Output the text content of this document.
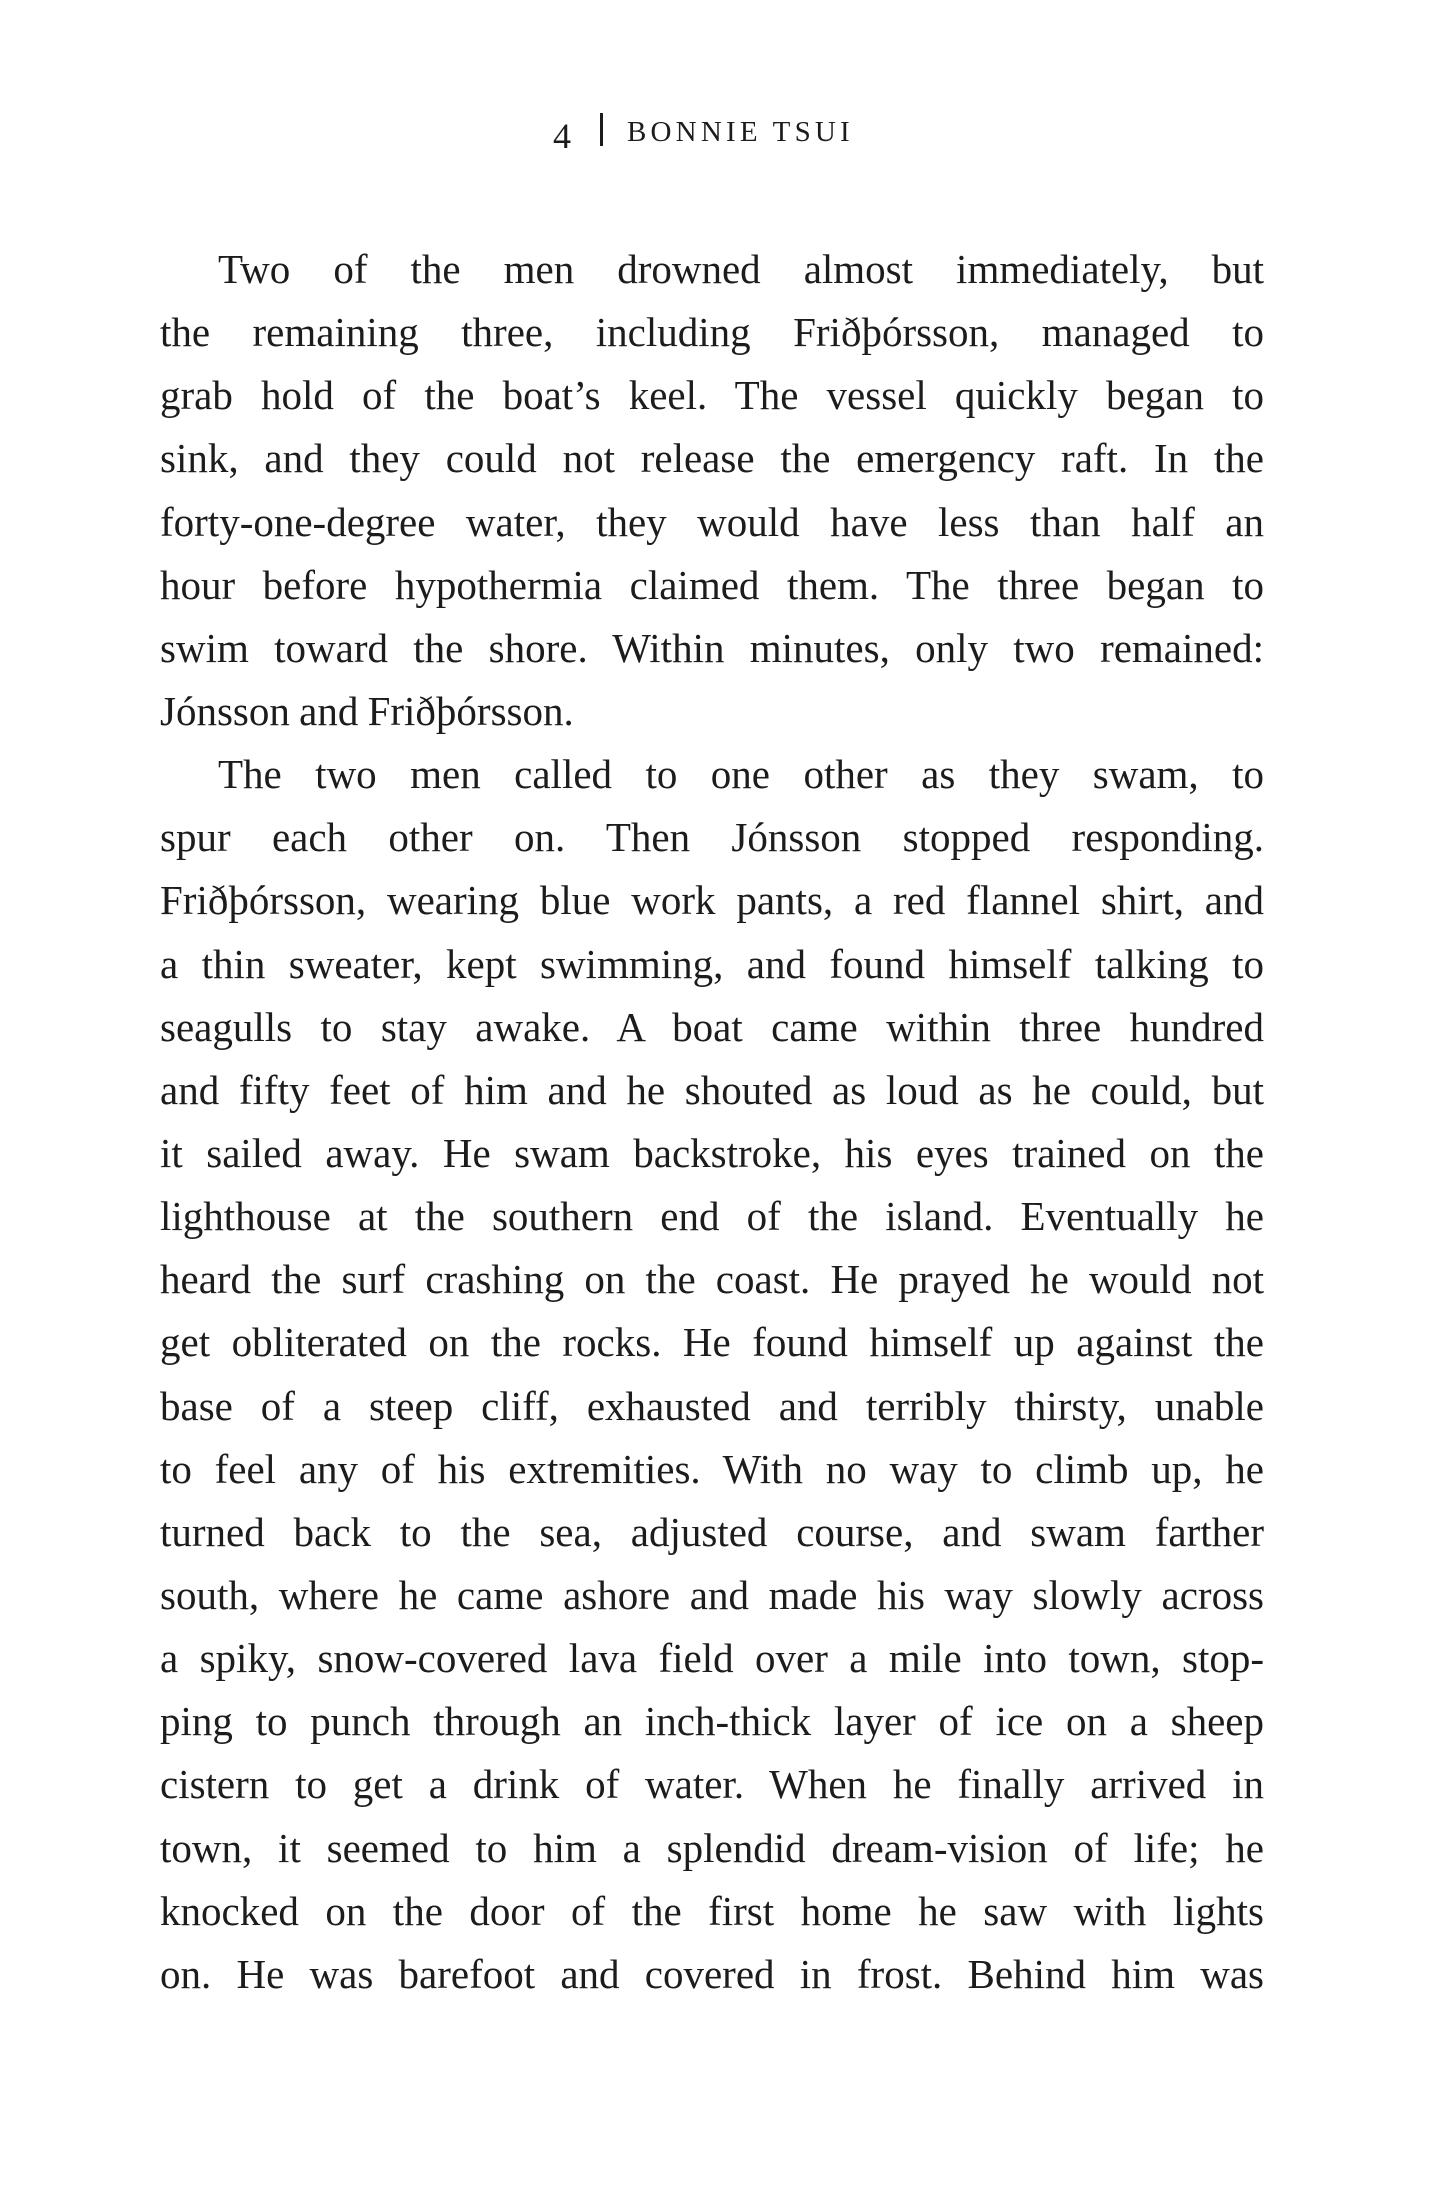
4 BONNIE TSUI
Two of the men drowned almost immediately, but
the remaining three, including Friðþórsson, managed to
grab hold of the boat’s keel. The vessel quickly began to
sink, and they could not release the emergency raft. In the
forty-one-degree water, they would have less than half an
hour before hypothermia claimed them. The three began to
swim toward the shore. Within minutes, only two remained:
Jónsson and Friðþórsson.
The two men called to one other as they swam, to
spur each other on. Then Jónsson stopped responding.
Friðþórsson, wearing blue work pants, a red flannel shirt, and
a thin sweater, kept swimming, and found himself talking to
seagulls to stay awake. A boat came within three hundred
and fifty feet of him and he shouted as loud as he could, but
it sailed away. He swam backstroke, his eyes trained on the
lighthouse at the southern end of the island. Eventually he
heard the surf crashing on the coast. He prayed he would not
get obliterated on the rocks. He found himself up against the
base of a steep cliff, exhausted and terribly thirsty, unable
to feel any of his extremities. With no way to climb up, he
turned back to the sea, adjusted course, and swam farther
south, where he came ashore and made his way slowly across
a spiky, snow-covered lava field over a mile into town, stop-
ping to punch through an inch-thick layer of ice on a sheep
cistern to get a drink of water. When he finally arrived in
town, it seemed to him a splendid dream-vision of life; he
knocked on the door of the first home he saw with lights
on. He was barefoot and covered in frost. Behind him was
